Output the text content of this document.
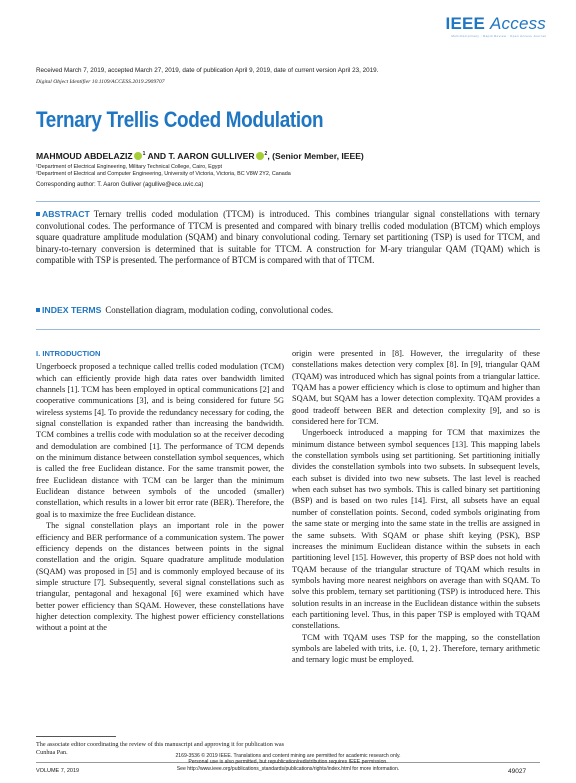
IEEE Access
Multidisciplinary : Rapid Review : Open Access Journal
Received March 7, 2019, accepted March 27, 2019, date of publication April 9, 2019, date of current version April 23, 2019.
Digital Object Identifier 10.1109/ACCESS.2019.2909707
Ternary Trellis Coded Modulation
MAHMOUD ABDELAZIZ $^1$ AND T. AARON GULLIVER $^2$, (Senior Member, IEEE)
¹Department of Electrical Engineering, Military Technical College, Cairo, Egypt
²Department of Electrical and Computer Engineering, University of Victoria, Victoria, BC V8W 2Y2, Canada
Corresponding author: T. Aaron Gulliver (agullive@ece.uvic.ca)
ABSTRACT Ternary trellis coded modulation (TTCM) is introduced. This combines triangular signal constellations with ternary convolutional codes. The performance of TTCM is presented and compared with binary trellis coded modulation (BTCM) which employs square quadrature amplitude modulation (SQAM) and binary convolutional coding. Ternary set partitioning (TSP) is used for TTCM, and binary-to-ternary conversion is determined that is suitable for TTCM. A construction for M-ary triangular QAM (TQAM) which is compatible with TSP is presented. The performance of BTCM is compared with that of TTCM.
INDEX TERMS Constellation diagram, modulation coding, convolutional codes.
I. INTRODUCTION

Ungerboeck proposed a technique called trellis coded modulation (TCM) which can efficiently provide high data rates over bandwidth limited channels [1]. TCM has been employed in optical communications [2] and cooperative communications [3], and is being considered for future 5G wireless systems [4]. To provide the redundancy necessary for coding, the signal constellation is expanded rather than increasing the bandwidth. TCM combines a trellis code with modulation so at the receiver decoding and demodulation are combined [1]. The performance of TCM depends on the minimum distance between constellation symbol sequences, which is called the free Euclidean distance. For the same transmit power, the free Euclidean distance with TCM can be larger than the minimum Euclidean distance between symbols of the uncoded (smaller) constellation, which results in a lower bit error rate (BER). Therefore, the goal is to maximize the free Euclidean distance.

The signal constellation plays an important role in the power efficiency and BER performance of a communication system. The power efficiency depends on the distances between points in the signal constellation and the origin. Square quadrature amplitude modulation (SQAM) was proposed in [5] and is commonly employed because of its simple structure [7]. Subsequently, several signal constellations such as triangular, pentagonal and hexagonal [6] were examined which have better power efficiency than SQAM. However, these constellations have higher detection complexity. The highest power efficiency constellations without a point at the

origin were presented in [8]. However, the irregularity of these constellations makes detection very complex [8]. In [9], triangular QAM (TQAM) was introduced which has signal points from a triangular lattice. TQAM has a power efficiency which is close to optimum and higher than SQAM, but SQAM has a lower detection complexity. TQAM provides a good tradeoff between BER and detection complexity [9], and so is considered here for TCM.

Ungerboeck introduced a mapping for TCM that maximizes the minimum distance between symbol sequences [13]. This mapping labels the constellation symbols using set partitioning. Set partitioning initially divides the constellation symbols into two subsets. In subsequent levels, each subset is divided into two new subsets. The last level is reached when each subset has two symbols. This is called binary set partitioning (BSP) and is based on two rules [14]. First, all subsets have an equal number of constellation points. Second, coded symbols originating from the same state or merging into the same state in the trellis are assigned in the same subsets. With SQAM or phase shift keying (PSK), BSP increases the minimum Euclidean distance within the subsets in each partitioning level [15]. However, this property of BSP does not hold with TQAM because of the triangular structure of TQAM which results in symbols having more nearest neighbors on average than with SQAM. To solve this problem, ternary set partitioning (TSP) is introduced here. This solution results in an increase in the Euclidean distance within the subsets each partitioning level. Thus, in this paper TSP is employed with TQAM constellations.

TCM with TQAM uses TSP for the mapping, so the constellation symbols are labeled with trits, i.e. {0, 1, 2}. Therefore, ternary arithmetic and ternary logic must be employed.

The associate editor coordinating the review of this manuscript and approving it for publication was Cunhua Pan.	2169-3536 © 2019 IEEE. Translations and content mining are permitted for academic research only.
Personal use is also permitted, but republication/redistribution requires IEEE permission.
See http://www.ieee.org/publications_standards/publications/rights/index.html for more information.
VOLUME 7, 2019	49027
